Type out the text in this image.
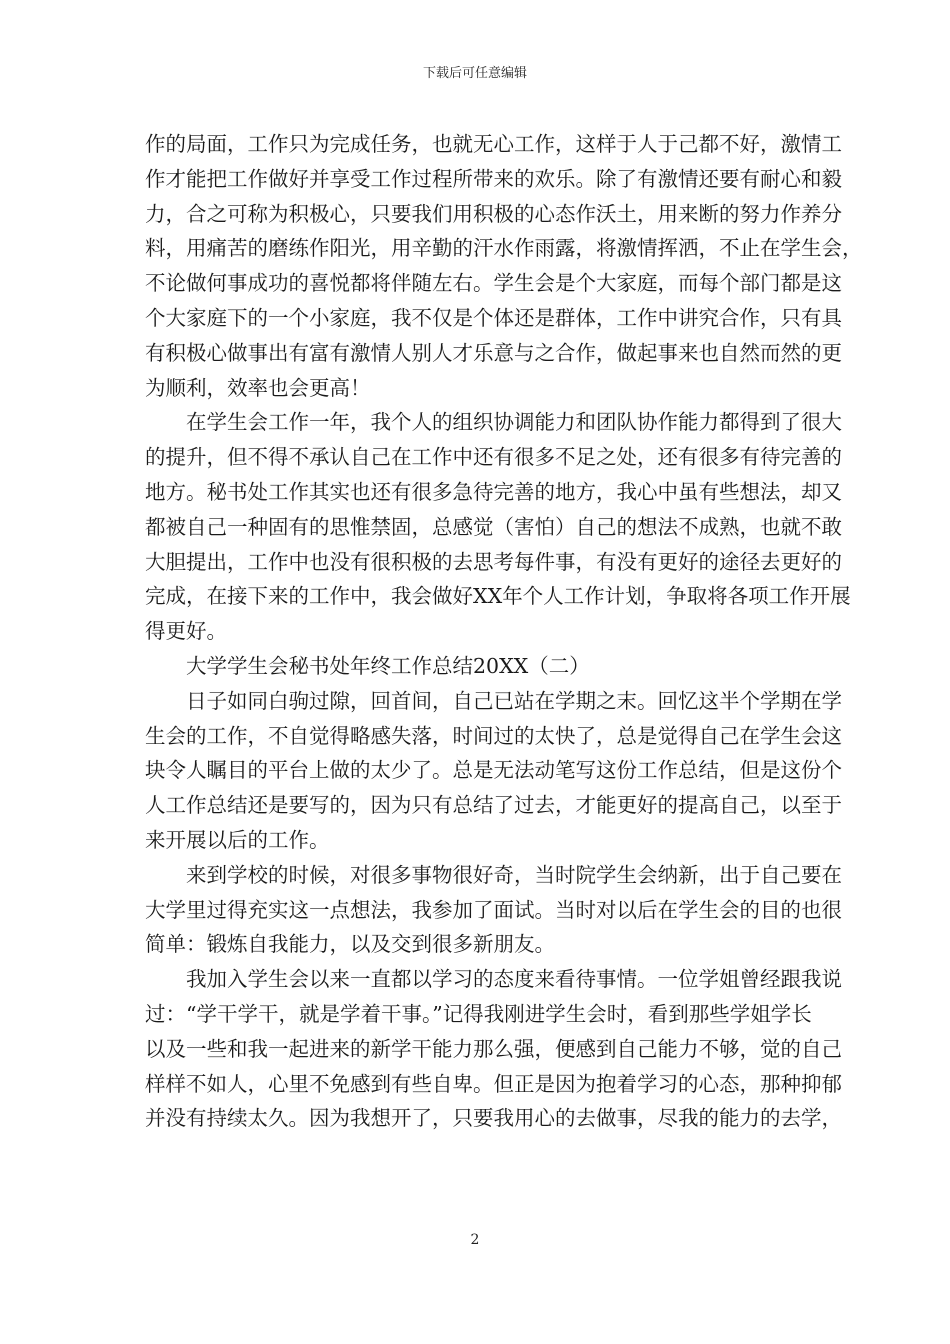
下载后可任意编辑
作的局面，工作只为完成任务，也就无心工作，这样于人于己都不好，激情工
作才能把工作做好并享受工作过程所带来的欢乐。除了有激情还要有耐心和毅
力，合之可称为积极心，只要我们用积极的心态作沃土，用来断的努力作养分
料，用痛苦的磨练作阳光，用辛勤的汗水作雨露，将激情挥洒，不止在学生会，
不论做何事成功的喜悦都将伴随左右。学生会是个大家庭，而每个部门都是这
个大家庭下的一个小家庭，我不仅是个体还是群体，工作中讲究合作，只有具
有积极心做事出有富有激情人别人才乐意与之合作，做起事来也自然而然的更
为顺利，效率也会更高！
在学生会工作一年，我个人的组织协调能力和团队协作能力都得到了很大
的提升，但不得不承认自己在工作中还有很多不足之处，还有很多有待完善的
地方。秘书处工作其实也还有很多急待完善的地方，我心中虽有些想法，却又
都被自己一种固有的思惟禁固，总感觉（害怕）自己的想法不成熟，也就不敢
大胆提出，工作中也没有很积极的去思考每件事，有没有更好的途径去更好的
完成，在接下来的工作中，我会做好XX年个人工作计划，争取将各项工作开展
得更好。
大学学生会秘书处年终工作总结20XX（二）
日子如同白驹过隙，回首间，自己已站在学期之末。回忆这半个学期在学
生会的工作，不自觉得略感失落，时间过的太快了，总是觉得自己在学生会这
块令人瞩目的平台上做的太少了。总是无法动笔写这份工作总结，但是这份个
人工作总结还是要写的，因为只有总结了过去，才能更好的提高自己，以至于
来开展以后的工作。
来到学校的时候，对很多事物很好奇，当时院学生会纳新，出于自己要在
大学里过得充实这一点想法，我参加了面试。当时对以后在学生会的目的也很
简单：锻炼自我能力，以及交到很多新朋友。
我加入学生会以来一直都以学习的态度来看待事情。一位学姐曾经跟我说
过：“学干学干，就是学着干事。”记得我刚进学生会时，看到那些学姐学长
以及一些和我一起进来的新学干能力那么强，便感到自己能力不够，觉的自己
样样不如人，心里不免感到有些自卑。但正是因为抱着学习的心态，那种抑郁
并没有持续太久。因为我想开了，只要我用心的去做事，尽我的能力的去学，
2
